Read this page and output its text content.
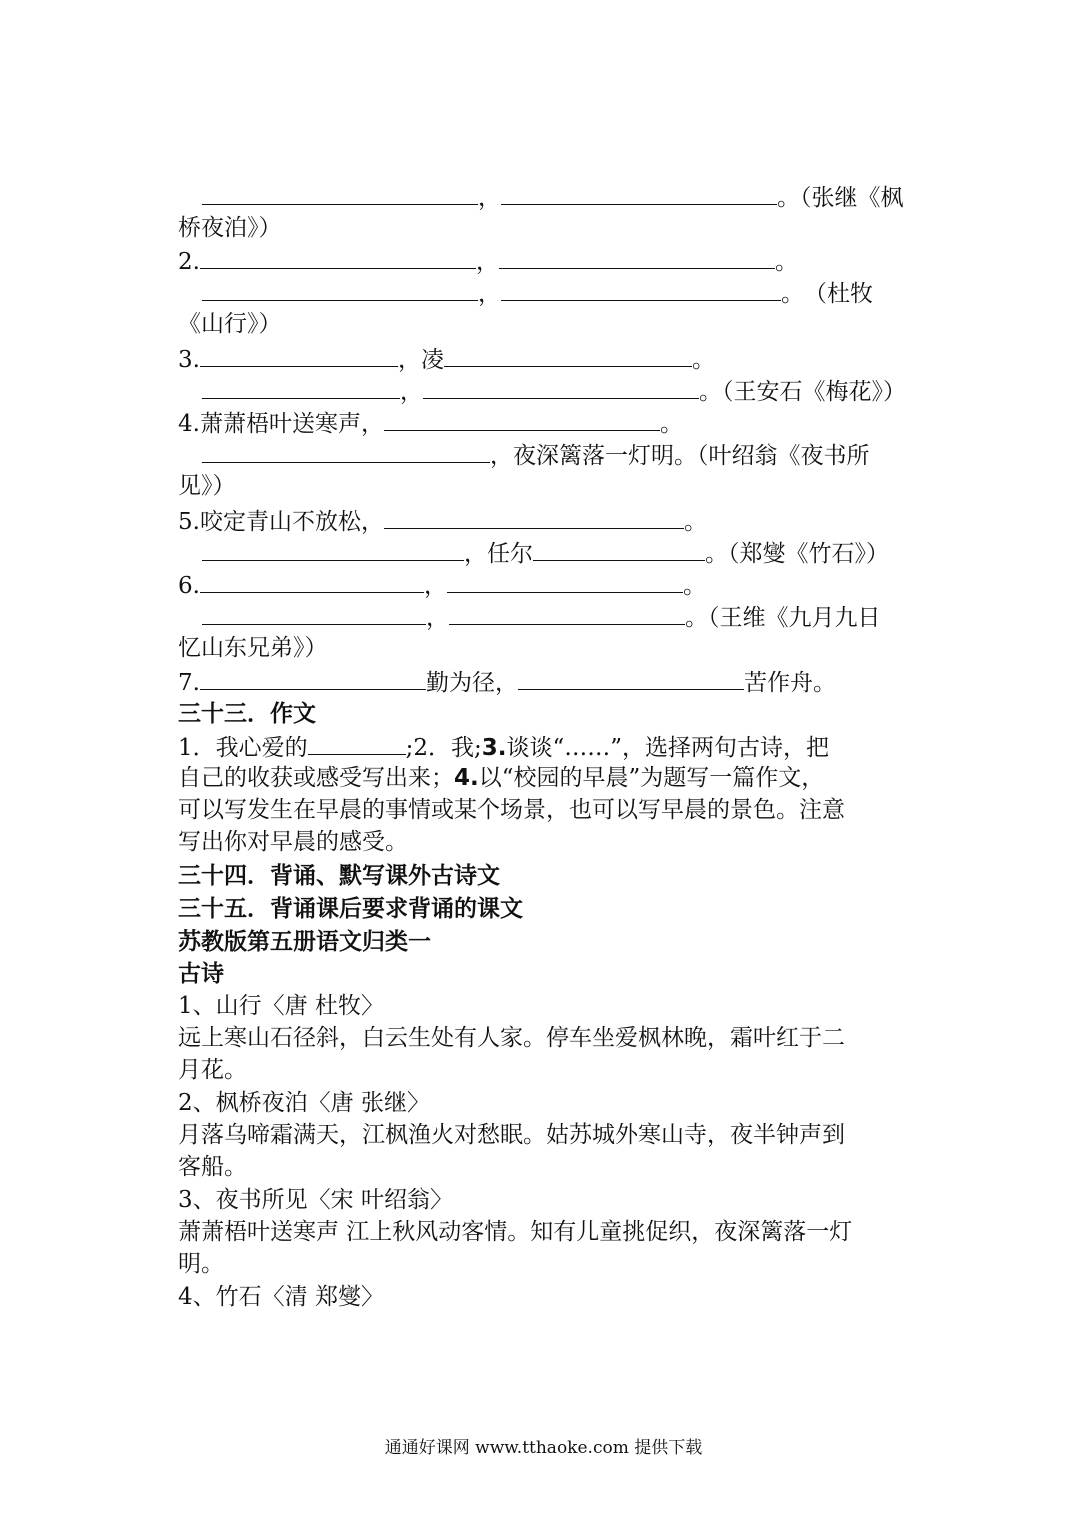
，	。（张继《枫
桥夜泊》）
2.	，	。
，	。　（杜牧
《山行》）
3.	，凌	。
，	。（王安石《梅花》）
4.萧萧梧叶送寒声，	。
，夜深篱落一灯明。（叶绍翁《夜书所
见》）
5.咬定青山不放松，	。
，任尔	。（郑燮《竹石》）
6.	，	。
，	。（王维《九月九日
忆山东兄弟》）
7.	勤为径，	苦作舟。
三十三．作文
1．我心爱的	;2．我;3.谈谈“……”，选择两句古诗，把
自己的收获或感受写出来；4.以“校园的早晨”为题写一篇作文，
可以写发生在早晨的事情或某个场景，也可以写早晨的景色。注意
写出你对早晨的感受。
三十四．背诵、默写课外古诗文
三十五．背诵课后要求背诵的课文
苏教版第五册语文归类一
古诗
1、山行〈唐 杜牧〉
远上寒山石径斜，白云生处有人家。停车坐爱枫林晚，霜叶红于二
月花。
2、枫桥夜泊〈唐 张继〉
月落乌啼霜满天，江枫渔火对愁眠。姑苏城外寒山寺，夜半钟声到
客船。
3、夜书所见〈宋 叶绍翁〉
萧萧梧叶送寒声 江上秋风动客情。知有儿童挑促织，夜深篱落一灯
明。
4、竹石〈清 郑燮〉
通通好课网 www.tthaoke.com 提供下载
